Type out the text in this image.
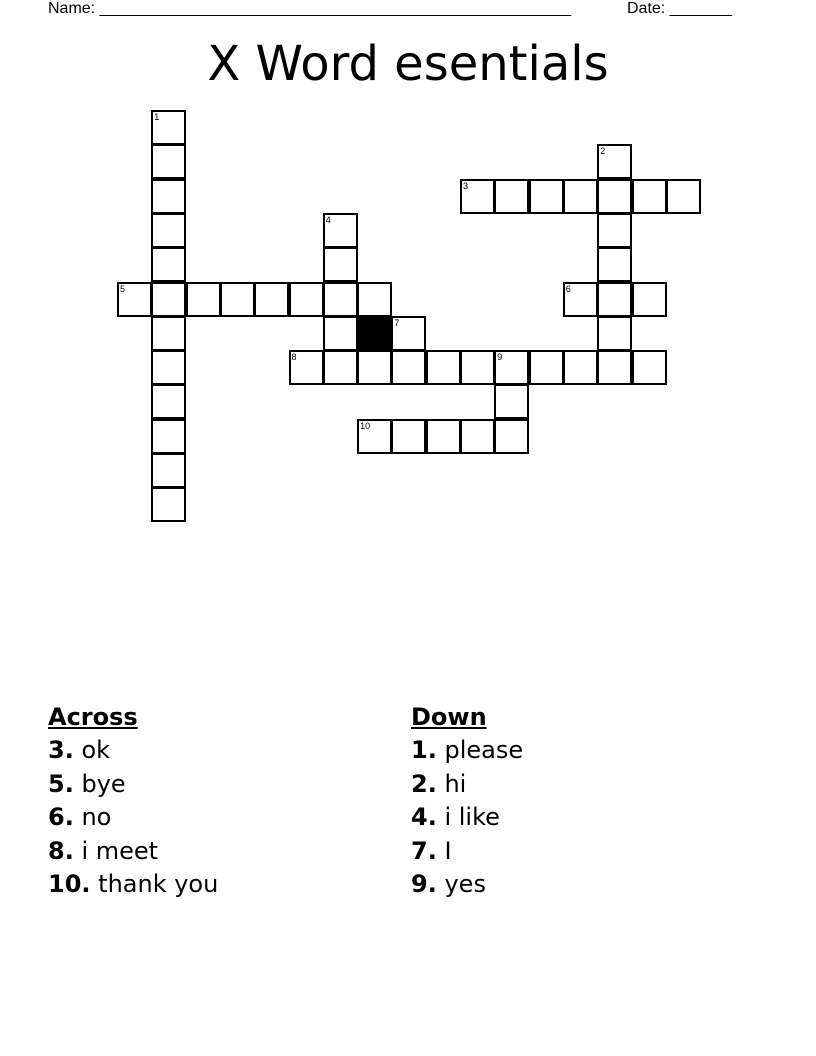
Name: _____________________________________________________	Date: _______
X Word esentials
1
2
3
4
5	6
7
8	9
10
Across
3. ok
5. bye
6. no
8. i meet
10. thank you
Down
1. please
2. hi
4. i like
7. I
9. yes
